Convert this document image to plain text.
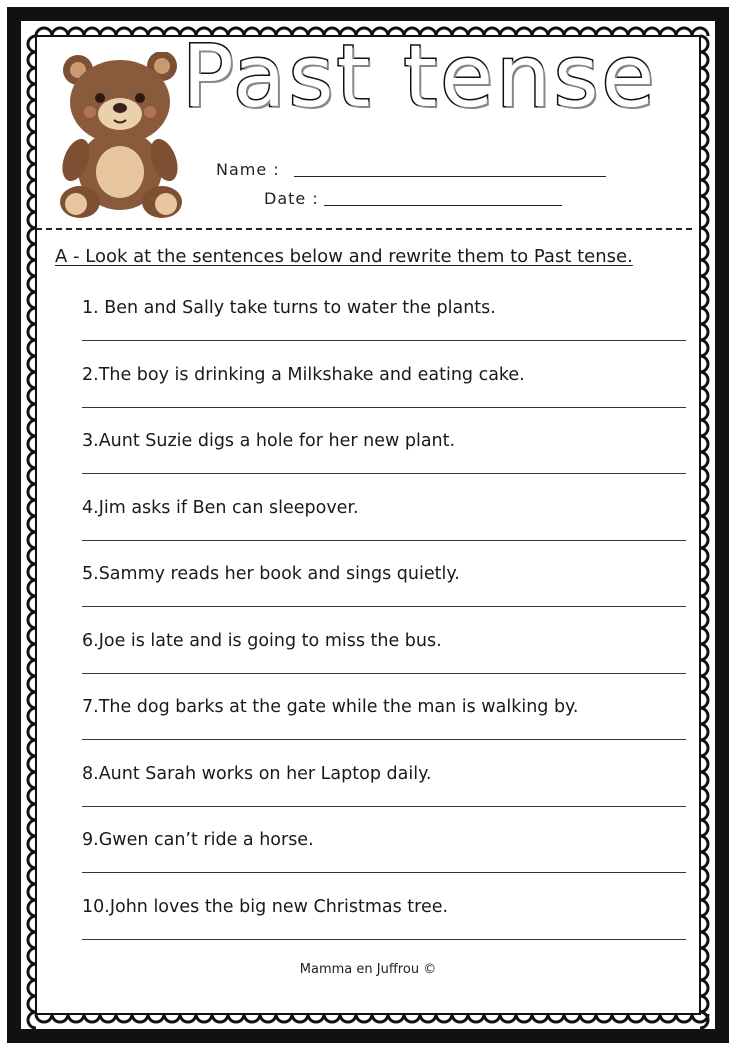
Past tense
Name :
Date :
A - Look at the sentences below and rewrite them to Past tense.
1. Ben and Sally take turns to water the plants.
2.The boy is drinking a Milkshake and eating cake.
3.Aunt Suzie digs a hole for her new plant.
4.Jim asks if Ben can sleepover.
5.Sammy reads her book and sings quietly.
6.Joe is late and is going to miss the bus.
7.The dog barks at the gate while the man is walking by.
8.Aunt Sarah works on her Laptop daily.
9.Gwen can’t ride a horse.
10.John loves the big new Christmas tree.
Mamma en Juffrou ©
